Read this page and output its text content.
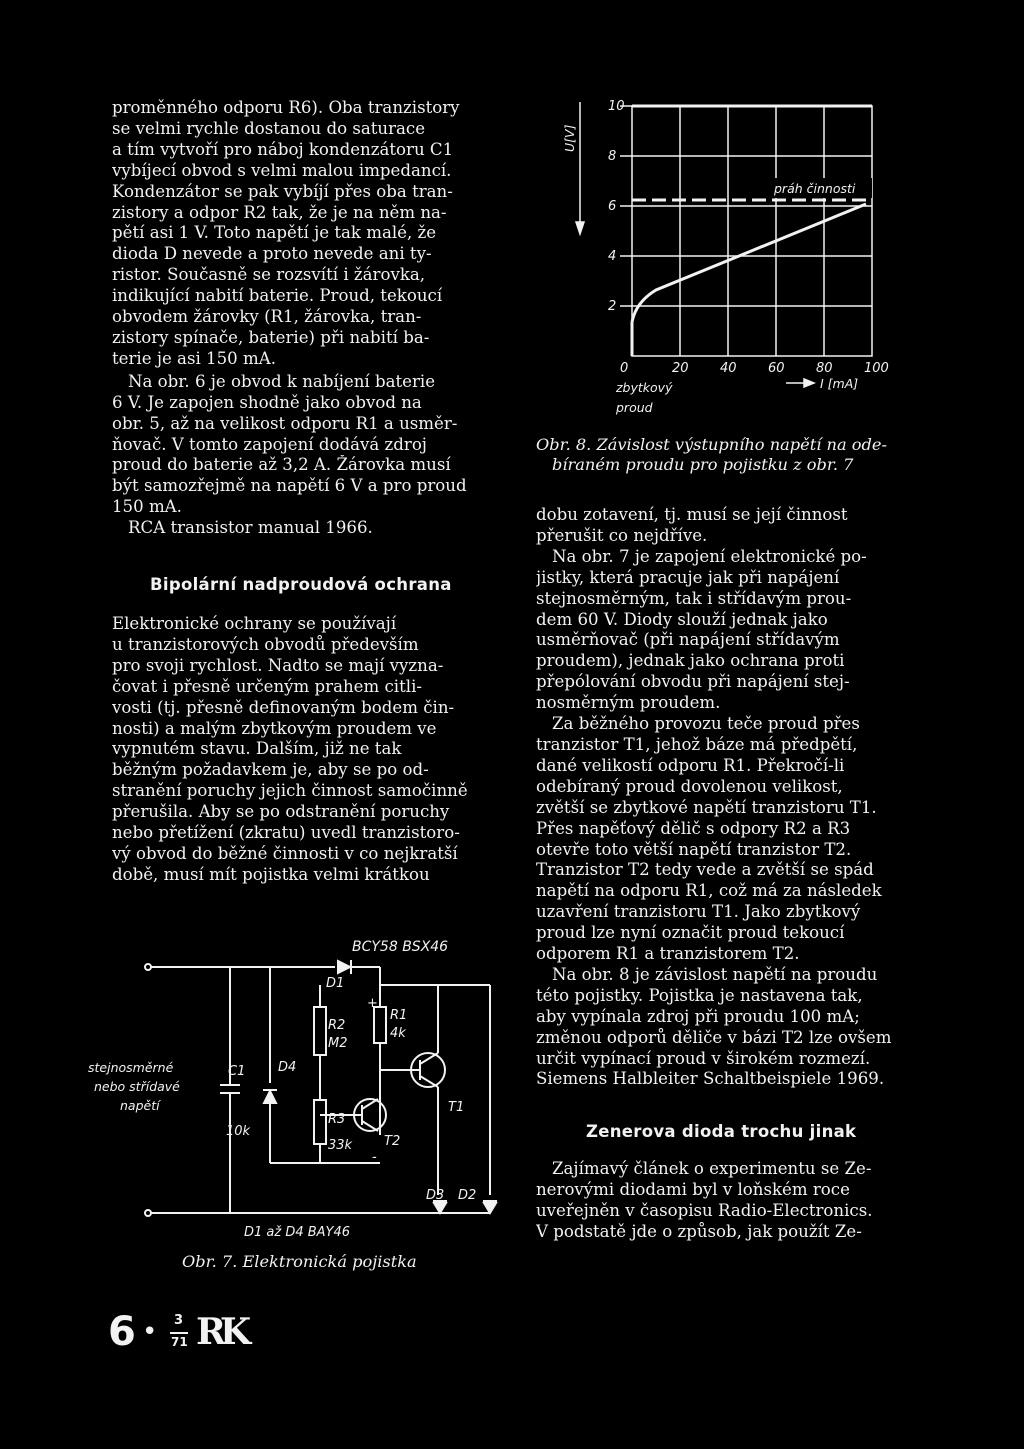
proměnného odporu R6). Oba tranzistory
se velmi rychle dostanou do saturace
a tím vytvoří pro náboj kondenzátoru C1
vybíjecí obvod s velmi malou impedancí.
Kondenzátor se pak vybíjí přes oba tran-
zistory a odpor R2 tak, že je na něm na-
pětí asi 1 V. Toto napětí je tak malé, že
dioda D nevede a proto nevede ani ty-
ristor. Současně se rozsvítí i žárovka,
indikující nabití baterie. Proud, tekoucí
obvodem žárovky (R1, žárovka, tran-
zistory spínače, baterie) při nabití ba-
terie je asi 150 mA.

Na obr. 6 je obvod k nabíjení baterie
6 V. Je zapojen shodně jako obvod na
obr. 5, až na velikost odporu R1 a usměr-
ňovač. V tomto zapojení dodává zdroj
proud do baterie až 3,2 A. Žárovka musí
být samozřejmě na napětí 6 V a pro proud
150 mA.

RCA transistor manual 1966.

Bipolární nadproudová ochrana

Elektronické ochrany se používají
u tranzistorových obvodů především
pro svoji rychlost. Nadto se mají vyzna-
čovat i přesně určeným prahem citli-
vosti (tj. přesně definovaným bodem čin-
nosti) a malým zbytkovým proudem ve
vypnutém stavu. Dalším, již ne tak
běžným požadavkem je, aby se po od-
stranění poruchy jejich činnost samočinně
přerušila. Aby se po odstranění poruchy
nebo přetížení (zkratu) uvedl tranzistoro-
vý obvod do běžné činnosti v co nejkratší
době, musí mít pojistka velmi krátkou

BCY58 BSX46
D1
+
R1
4k
R2
M2
R3
33k
C1
10k
D4
D3 D2
T1
T2
-
stejnosměrné
nebo střídavé
napětí
D1 až D4 BAY46

Obr. 7. Elektronická pojistka

práh činnosti
U[V]
10
8
6
4
2
0	20 40 60 80 100
zbytkový
proud
I [mA]

Obr. 8. Závislost výstupního napětí na ode-

bíraném proudu pro pojistku z obr. 7

dobu zotavení, tj. musí se její činnost
přerušit co nejdříve.

Na obr. 7 je zapojení elektronické po-
jistky, která pracuje jak při napájení
stejnosměrným, tak i střídavým prou-
dem 60 V. Diody slouží jednak jako
usměrňovač (při napájení střídavým
proudem), jednak jako ochrana proti
přepólování obvodu při napájení stej-
nosměrným proudem.

Za běžného provozu teče proud přes
tranzistor T1, jehož báze má předpětí,
dané velikostí odporu R1. Překročí-li
odebíraný proud dovolenou velikost,
zvětší se zbytkové napětí tranzistoru T1.
Přes napěťový dělič s odpory R2 a R3
otevře toto větší napětí tranzistor T2.
Tranzistor T2 tedy vede a zvětší se spád
napětí na odporu R1, což má za následek
uzavření tranzistoru T1. Jako zbytkový
proud lze nyní označit proud tekoucí
odporem R1 a tranzistorem T2.

Na obr. 8 je závislost napětí na proudu
této pojistky. Pojistka je nastavena tak,
aby vypínala zdroj při proudu 100 mA;
změnou odporů děliče v bázi T2 lze ovšem
určit vypínací proud v širokém rozmezí.
Siemens Halbleiter Schaltbeispiele 1969.

Zenerova dioda trochu jinak

Zajímavý článek o experimentu se Ze-
nerovými diodami byl v loňském roce
uveřejněn v časopisu Radio-Electronics.
V podstatě jde o způsob, jak použít Ze-

6 • 3
71 RK
